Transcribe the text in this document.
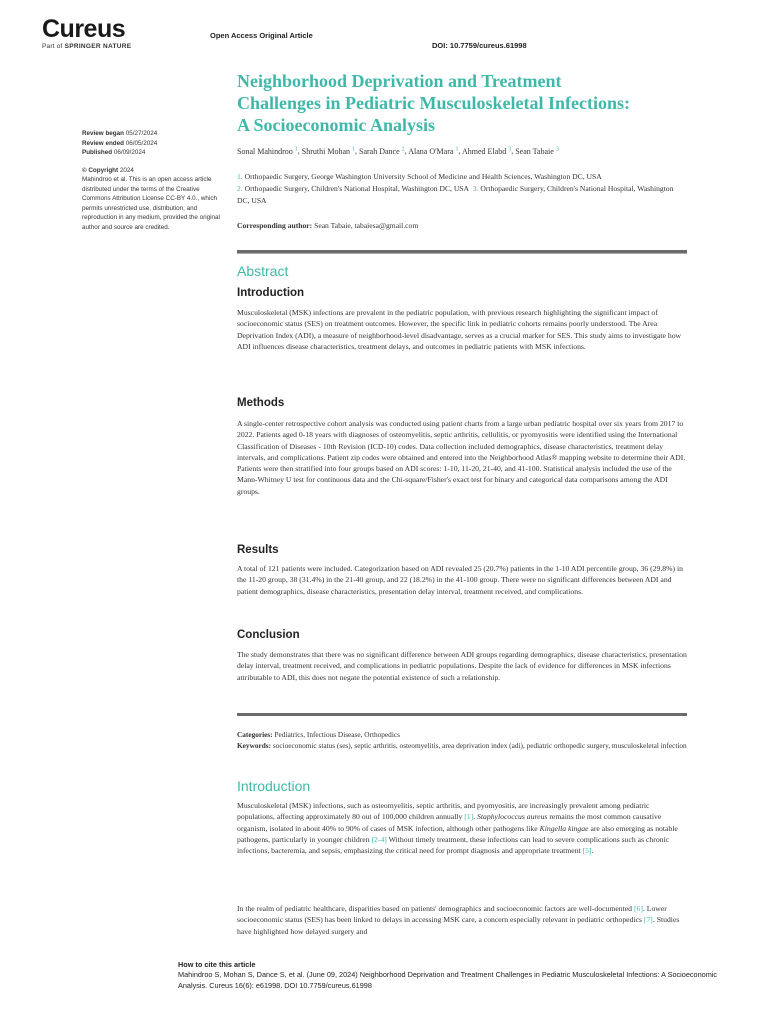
Cureus
Part of SPRINGER NATURE
Open Access Original Article
DOI: 10.7759/cureus.61998
Review began 05/27/2024
Review ended 06/05/2024
Published 06/09/2024
© Copyright 2024
Mahindroo et al. This is an open access article distributed under the terms of the Creative Commons Attribution License CC-BY 4.0., which permits unrestricted use, distribution, and reproduction in any medium, provided the original author and source are credited.
Neighborhood Deprivation and Treatment Challenges in Pediatric Musculoskeletal Infections: A Socioeconomic Analysis
Sonal Mahindroo $^1$, Shruthi Mohan $^1$, Sarah Dance $^2$, Alana O'Mara $^1$, Ahmed Elabd $^3$, Sean Tabaie $^3$
1. Orthopaedic Surgery, George Washington University School of Medicine and Health Sciences, Washington DC, USA
2. Orthopaedic Surgery, Children's National Hospital, Washington DC, USA 3. Orthopaedic Surgery, Children's National Hospital, Washington DC, USA
Corresponding author: Sean Tabaie, tabaiesa@gmail.com
Abstract
Introduction
Musculoskeletal (MSK) infections are prevalent in the pediatric population, with previous research highlighting the significant impact of socioeconomic status (SES) on treatment outcomes. However, the specific link in pediatric cohorts remains poorly understood. The Area Deprivation Index (ADI), a measure of neighborhood-level disadvantage, serves as a crucial marker for SES. This study aims to investigate how ADI influences disease characteristics, treatment delays, and outcomes in pediatric patients with MSK infections.
Methods
A single-center retrospective cohort analysis was conducted using patient charts from a large urban pediatric hospital over six years from 2017 to 2022. Patients aged 0-18 years with diagnoses of osteomyelitis, septic arthritis, cellulitis, or pyomyositis were identified using the International Classification of Diseases - 10th Revision (ICD-10) codes. Data collection included demographics, disease characteristics, treatment delay intervals, and complications. Patient zip codes were obtained and entered into the Neighborhood Atlas® mapping website to determine their ADI. Patients were then stratified into four groups based on ADI scores: 1-10, 11-20, 21-40, and 41-100. Statistical analysis included the use of the Mann-Whitney U test for continuous data and the Chi-square/Fisher's exact test for binary and categorical data comparisons among the ADI groups.
Results
A total of 121 patients were included. Categorization based on ADI revealed 25 (20.7%) patients in the 1-10 ADI percentile group, 36 (29.8%) in the 11-20 group, 38 (31.4%) in the 21-40 group, and 22 (18.2%) in the 41-100 group. There were no significant differences between ADI and patient demographics, disease characteristics, presentation delay interval, treatment received, and complications.
Conclusion
The study demonstrates that there was no significant difference between ADI groups regarding demographics, disease characteristics, presentation delay interval, treatment received, and complications in pediatric populations. Despite the lack of evidence for differences in MSK infections attributable to ADI, this does not negate the potential existence of such a relationship.
Categories: Pediatrics, Infectious Disease, Orthopedics
Keywords: socioeconomic status (ses), septic arthritis, osteomyelitis, area deprivation index (adi), pediatric orthopedic surgery, musculoskeletal infection
Introduction
Musculoskeletal (MSK) infections, such as osteomyelitis, septic arthritis, and pyomyositis, are increasingly prevalent among pediatric populations, affecting approximately 80 out of 100,000 children annually [1]. Staphylococcus aureus remains the most common causative organism, isolated in about 40% to 90% of cases of MSK infection, although other pathogens like Kingella kingae are also emerging as notable pathogens, particularly in younger children [2-4] Without timely treatment, these infections can lead to severe complications such as chronic infections, bacteremia, and sepsis, emphasizing the critical need for prompt diagnosis and appropriate treatment [5].
In the realm of pediatric healthcare, disparities based on patients' demographics and socioeconomic factors are well-documented [6]. Lower socioeconomic status (SES) has been linked to delays in accessing MSK care, a concern especially relevant in pediatric orthopedics [7]. Studies have highlighted how delayed surgery and
How to cite this article
Mahindroo S, Mohan S, Dance S, et al. (June 09, 2024) Neighborhood Deprivation and Treatment Challenges in Pediatric Musculoskeletal Infections: A Socioeconomic Analysis. Cureus 16(6): e61998. DOI 10.7759/cureus.61998
